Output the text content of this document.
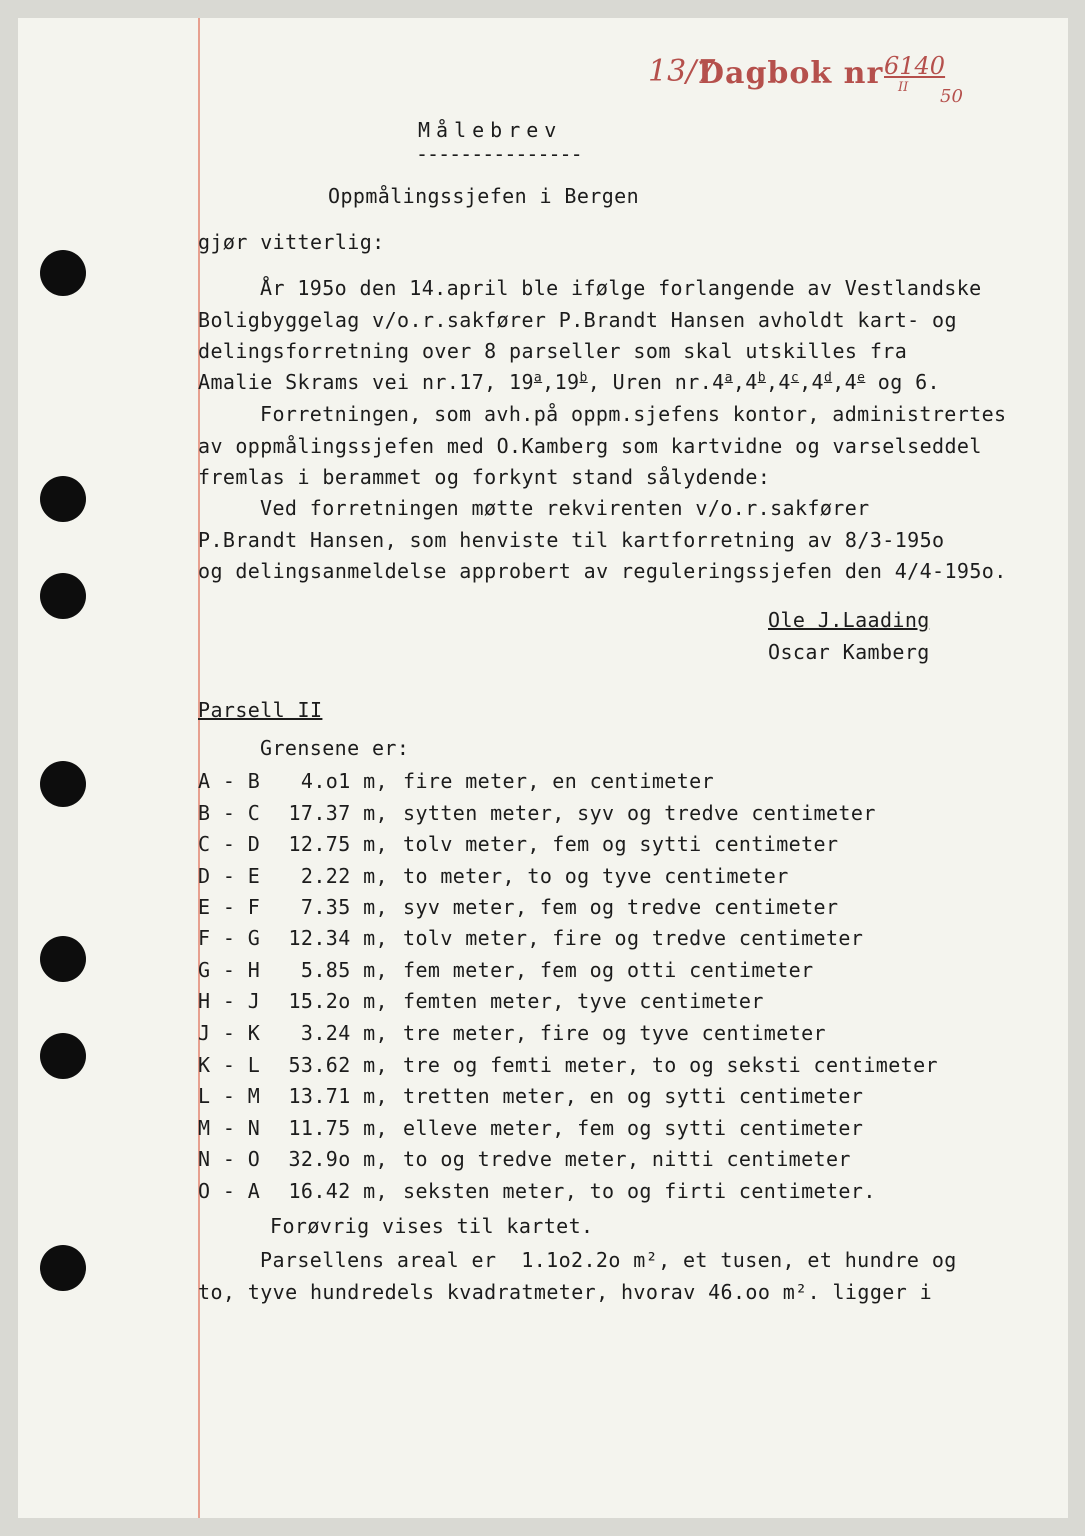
13/7
Dagbok nr 6140
II 50
Målebrev
---------------
Oppmålingssjefen i Bergen
gjør vitterlig:
År 195o den 14.april ble ifølge forlangende av Vestlandske
Boligbyggelag v/o.r.sakfører P.Brandt Hansen avholdt kart- og
delingsforretning over 8 parseller som skal utskilles fra
Amalie Skrams vei nr.17, 19$^a$,19$^b$, Uren nr.4$^a$,4$^b$,4$^c$,4$^d$,4e og 6.
Forretningen, som avh.på oppm.sjefens kontor, administrertes
av oppmålingssjefen med O.Kamberg som kartvidne og varselseddel
fremlas i berammet og forkynt stand sålydende:
Ved forretningen møtte rekvirenten v/o.r.sakfører
P.Brandt Hansen, som henviste til kartforretning av 8/3-195o
og delingsanmeldelse approbert av reguleringssjefen den 4/4-195o.
Ole J.Laading
Oscar Kamberg
Parsell II
Grensene er:
A - B	4.o1 m, fire meter, en centimeter
B - C	17.37 m, sytten meter, syv og tredve centimeter
C - D	12.75 m, tolv meter, fem og sytti centimeter
D - E	2.22 m, to meter, to og tyve centimeter
E - F	7.35 m, syv meter, fem og tredve centimeter
F - G	12.34 m, tolv meter, fire og tredve centimeter
G - H	5.85 m, fem meter, fem og otti centimeter
H - J	15.2o m, femten meter, tyve centimeter
J - K	3.24 m, tre meter, fire og tyve centimeter
K - L	53.62 m, tre og femti meter, to og seksti centimeter
L - M	13.71 m, tretten meter, en og sytti centimeter
M - N	11.75 m, elleve meter, fem og sytti centimeter
N - O	32.9o m, to og tredve meter, nitti centimeter
O - A	16.42 m, seksten meter, to og firti centimeter.
Forøvrig vises til kartet.
Parsellens areal er  1.1o2.2o m², et tusen, et hundre og
to, tyve hundredels kvadratmeter, hvorav 46.oo m². ligger i
